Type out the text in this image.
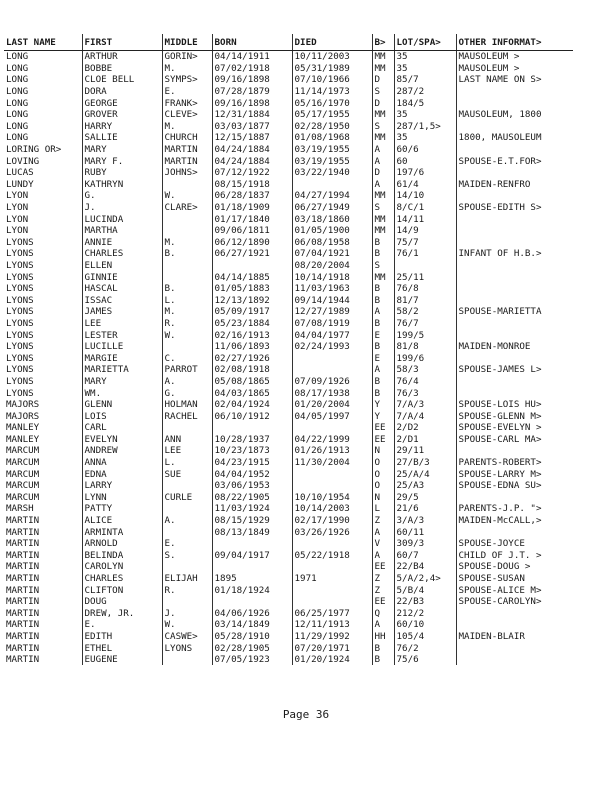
LAST NAME	FIRST	MIDDLE	BORN	DIED	B>	LOT/SPA>	OTHER INFORMAT>
LONG	ARTHUR	GORIN>	04/14/1911	10/11/2003	MM	35	MAUSOLEUM >
LONG	BOBBE	M.	07/02/1918	05/31/1989	MM	35	MAUSOLEUM >
LONG	CLOE BELL	SYMPS>	09/16/1898	07/10/1966	D	85/7	LAST NAME ON S>
LONG	DORA	E.	07/28/1879	11/14/1973	S	287/2	
LONG	GEORGE	FRANK>	09/16/1898	05/16/1970	D	184/5	
LONG	GROVER	CLEVE>	12/31/1884	05/17/1955	MM	35	MAUSOLEUM, 1800
LONG	HARRY	M.	03/03/1877	02/28/1950	S	287/1,5>	
LONG	SALLIE	CHURCH	12/15/1887	01/08/1968	MM	35	1800, MAUSOLEUM
LORING OR>	MARY	MARTIN	04/24/1884	03/19/1955	A	60/6	
LOVING	MARY F.	MARTIN	04/24/1884	03/19/1955	A	60	SPOUSE-E.T.FOR>
LUCAS	RUBY	JOHNS>	07/12/1922	03/22/1940	D	197/6	
LUNDY	KATHRYN		08/15/1918		A	61/4	MAIDEN-RENFRO
LYON	G.	W.	06/28/1837	04/27/1994	MM	14/10	
LYON	J.	CLARE>	01/18/1909	06/27/1949	S	8/C/1	SPOUSE-EDITH S>
LYON	LUCINDA		01/17/1840	03/18/1860	MM	14/11	
LYON	MARTHA		09/06/1811	01/05/1900	MM	14/9	
LYONS	ANNIE	M.	06/12/1890	06/08/1958	B	75/7	
LYONS	CHARLES	B.	06/27/1921	07/04/1921	B	76/1	INFANT OF H.B.>
LYONS	ELLEN			08/20/2004	S		
LYONS	GINNIE		04/14/1885	10/14/1918	MM	25/11	
LYONS	HASCAL	B.	01/05/1883	11/03/1963	B	76/8	
LYONS	ISSAC	L.	12/13/1892	09/14/1944	B	81/7	
LYONS	JAMES	M.	05/09/1917	12/27/1989	A	58/2	SPOUSE-MARIETTA
LYONS	LEE	R.	05/23/1884	07/08/1919	B	76/7	
LYONS	LESTER	W.	02/16/1913	04/04/1977	E	199/5	
LYONS	LUCILLE		11/06/1893	02/24/1993	B	81/8	MAIDEN-MONROE
LYONS	MARGIE	C.	02/27/1926		E	199/6	
LYONS	MARIETTA	PARROT	02/08/1918		A	58/3	SPOUSE-JAMES L>
LYONS	MARY	A.	05/08/1865	07/09/1926	B	76/4	
LYONS	WM.	G.	04/03/1865	08/17/1938	B	76/3	
MAJORS	GLENN	HOLMAN	02/04/1924	01/20/2004	Y	7/A/3	SPOUSE-LOIS HU>
MAJORS	LOIS	RACHEL	06/10/1912	04/05/1997	Y	7/A/4	SPOUSE-GLENN M>
MANLEY	CARL				EE	2/D2	SPOUSE-EVELYN >
MANLEY	EVELYN	ANN	10/28/1937	04/22/1999	EE	2/D1	SPOUSE-CARL MA>
MARCUM	ANDREW	LEE	10/23/1873	01/26/1913	N	29/11	
MARCUM	ANNA	L.	04/23/1915	11/30/2004	O	27/B/3	PARENTS-ROBERT>
MARCUM	EDNA	SUE	04/04/1952		O	25/A/4	SPOUSE-LARRY M>
MARCUM	LARRY		03/06/1953		O	25/A3	SPOUSE-EDNA SU>
MARCUM	LYNN	CURLE	08/22/1905	10/10/1954	N	29/5	
MARSH	PATTY		11/03/1924	10/14/2003	L	21/6	PARENTS-J.P. ">
MARTIN	ALICE	A.	08/15/1929	02/17/1990	Z	3/A/3	MAIDEN-McCALL,>
MARTIN	ARMINTA		08/13/1849	03/26/1926	A	60/11	
MARTIN	ARNOLD	E.			V	309/3	SPOUSE-JOYCE
MARTIN	BELINDA	S.	09/04/1917	05/22/1918	A	60/7	CHILD OF J.T. >
MARTIN	CAROLYN				EE	22/B4	SPOUSE-DOUG >
MARTIN	CHARLES	ELIJAH	1895	1971	Z	5/A/2,4>	SPOUSE-SUSAN
MARTIN	CLIFTON	R.	01/18/1924		Z	5/B/4	SPOUSE-ALICE M>
MARTIN	DOUG				EE	22/B3	SPOUSE-CAROLYN>
MARTIN	DREW, JR.	J.	04/06/1926	06/25/1977	Q	212/2	
MARTIN	E.	W.	03/14/1849	12/11/1913	A	60/10	
MARTIN	EDITH	CASWE>	05/28/1910	11/29/1992	HH	105/4	MAIDEN-BLAIR
MARTIN	ETHEL	LYONS	02/28/1905	07/20/1971	B	76/2	
MARTIN	EUGENE		07/05/1923	01/20/1924	B	75/6	
Page 36
